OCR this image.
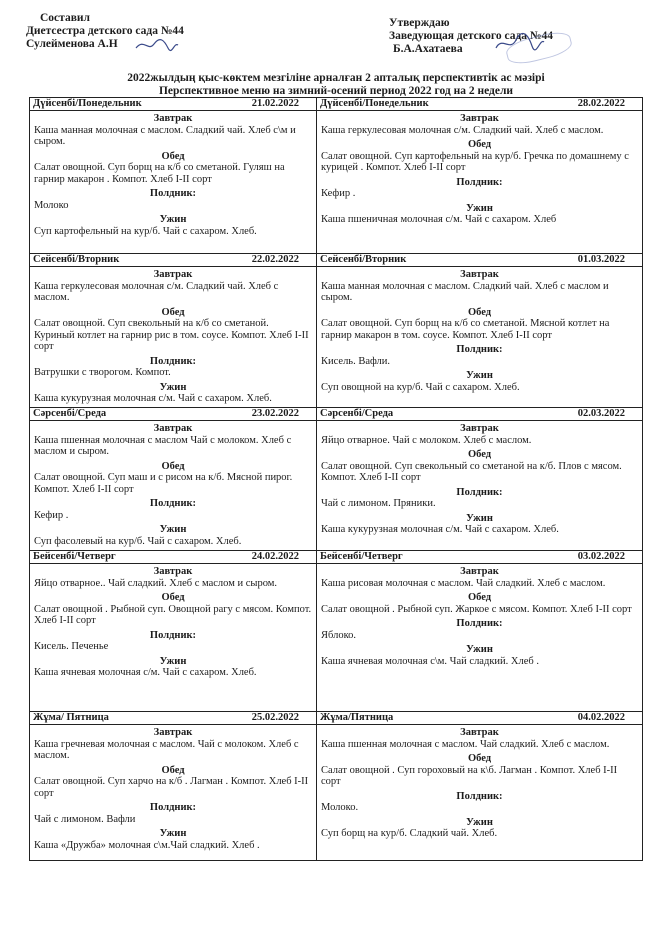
Составил
Диетсестра детского сада №44
Сулейменова А.Н
Утверждаю
Заведующая детского сада №44
Б.А.Ахатаева
2022жылдың қыс-көктем мезгіліне арналған 2 апталық перспективтік ас мәзірі
Перспективное меню на зимний-осений период 2022 год на 2 недели
Дүйсенбі/Понедельник	21.02.2022
Завтрак
Каша манная молочная с маслом. Сладкий чай. Хлеб с\м и сыром.
Обед
Салат овощной. Суп борщ на к/б со сметаной. Гуляш на гарнир макарон . Компот. Хлеб I-II сорт
Полдник:
Молоко
Ужин
Суп картофельный на кур/б. Чай с сахаром. Хлеб.
Дүйсенбі/Понедельник	28.02.2022
Завтрак
Каша геркулесовая молочная с/м. Сладкий чай. Хлеб с маслом.
Обед
Салат овощной. Суп картофельный на кур/б. Гречка по домашнему с курицей . Компот. Хлеб I-II сорт
Полдник:
Кефир .
Ужин
Каша пшеничная молочная с/м. Чай с сахаром. Хлеб
Сейсенбі/Вторник	22.02.2022
Завтрак
Каша геркулесовая молочная с/м. Сладкий чай. Хлеб с маслом.
Обед
Салат овощной. Суп свекольный на к/б со сметаной. Куриный котлет на гарнир рис в том. соусе. Компот. Хлеб I-II сорт
Полдник:
Ватрушки с творогом. Компот.
Ужин
Каша кукурузная молочная с/м. Чай с сахаром. Хлеб.
Сейсенбі/Вторник	01.03.2022
Завтрак
Каша манная молочная с маслом. Сладкий чай. Хлеб с маслом и сыром.
Обед
Салат овощной. Суп борщ на к/б со сметаной. Мясной котлет на гарнир макарон в том. соусе. Компот. Хлеб I-II сорт
Полдник:
Кисель. Вафли.
Ужин
Суп овощной на кур/б. Чай с сахаром. Хлеб.
Сәрсенбі/Среда	23.02.2022
Завтрак
Каша пшенная молочная с маслом Чай с молоком. Хлеб с маслом и сыром.
Обед
Салат овощной. Суп маш и с рисом на к/б. Мясной пирог. Компот. Хлеб I-II сорт
Полдник:
Кефир .
Ужин
Суп фасолевый на кур/б. Чай с сахаром. Хлеб.
Сәрсенбі/Среда	02.03.2022
Завтрак
Яйцо отварное. Чай с молоком. Хлеб с маслом.
Обед
Салат овощной. Суп свекольный со сметаной на к/б. Плов с мясом. Компот. Хлеб I-II сорт
Полдник:
Чай с лимоном. Пряники.
Ужин
Каша кукурузная молочная с/м. Чай с сахаром. Хлеб.
Бейсенбі/Четверг	24.02.2022
Завтрак
Яйцо отварное.. Чай сладкий. Хлеб с маслом и сыром.
Обед
Салат овощной . Рыбной суп. Овощной рагу с мясом. Компот. Хлеб I-II сорт
Полдник:
Кисель. Печенье
Ужин
Каша ячневая молочная с/м. Чай с сахаром. Хлеб.
Бейсенбі/Четверг	03.02.2022
Завтрак
Каша рисовая молочная с маслом. Чай сладкий. Хлеб с маслом.
Обед
Салат овощной . Рыбной суп. Жаркое с мясом. Компот. Хлеб I-II сорт
Полдник:
Яблоко.
Ужин
Каша ячневая молочная с\м. Чай сладкий. Хлеб .
Жұма/ Пятница	25.02.2022
Завтрак
Каша гречневая молочная с маслом. Чай с молоком. Хлеб с маслом.
Обед
Салат овощной. Суп харчо на к/б . Лагман . Компот. Хлеб I-II сорт
Полдник:
Чай с лимоном. Вафли
Ужин
Каша «Дружба» молочная с\м.Чай сладкий. Хлеб .
Жұма/Пятница	04.02.2022
Завтрак
Каша пшенная молочная с маслом. Чай сладкий. Хлеб с маслом.
Обед
Салат овощной . Суп гороховый на к\б. Лагман . Компот. Хлеб I-II сорт
Полдник:
Молоко.
Ужин
Суп борщ на кур/б. Сладкий чай. Хлеб.
